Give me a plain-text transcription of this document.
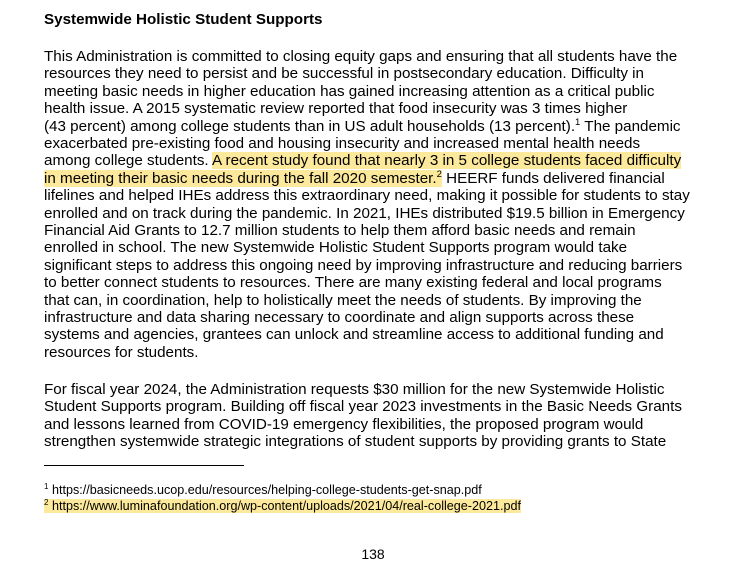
Systemwide Holistic Student Supports
This Administration is committed to closing equity gaps and ensuring that all students have the
resources they need to persist and be successful in postsecondary education. Difficulty in
meeting basic needs in higher education has gained increasing attention as a critical public
health issue. A 2015 systematic review reported that food insecurity was 3 times higher
(43 percent) among college students than in US adult households (13 percent).$^1$ The pandemic
exacerbated pre-existing food and housing insecurity and increased mental health needs
among college students. A recent study found that nearly 3 in 5 college students faced difficulty
in meeting their basic needs during the fall 2020 semester.$^2$ HEERF funds delivered financial
lifelines and helped IHEs address this extraordinary need, making it possible for students to stay
enrolled and on track during the pandemic. In 2021, IHEs distributed $19.5 billion in Emergency
Financial Aid Grants to 12.7 million students to help them afford basic needs and remain
enrolled in school. The new Systemwide Holistic Student Supports program would take
significant steps to address this ongoing need by improving infrastructure and reducing barriers
to better connect students to resources. There are many existing federal and local programs
that can, in coordination, help to holistically meet the needs of students. By improving the
infrastructure and data sharing necessary to coordinate and align supports across these
systems and agencies, grantees can unlock and streamline access to additional funding and
resources for students.
For fiscal year 2024, the Administration requests $30 million for the new Systemwide Holistic
Student Supports program. Building off fiscal year 2023 investments in the Basic Needs Grants
and lessons learned from COVID-19 emergency flexibilities, the proposed program would
strengthen systemwide strategic integrations of student supports by providing grants to State
$^1$ https://basicneeds.ucop.edu/resources/helping-college-students-get-snap.pdf
$^2$ https://www.luminafoundation.org/wp-content/uploads/2021/04/real-college-2021.pdf
138
